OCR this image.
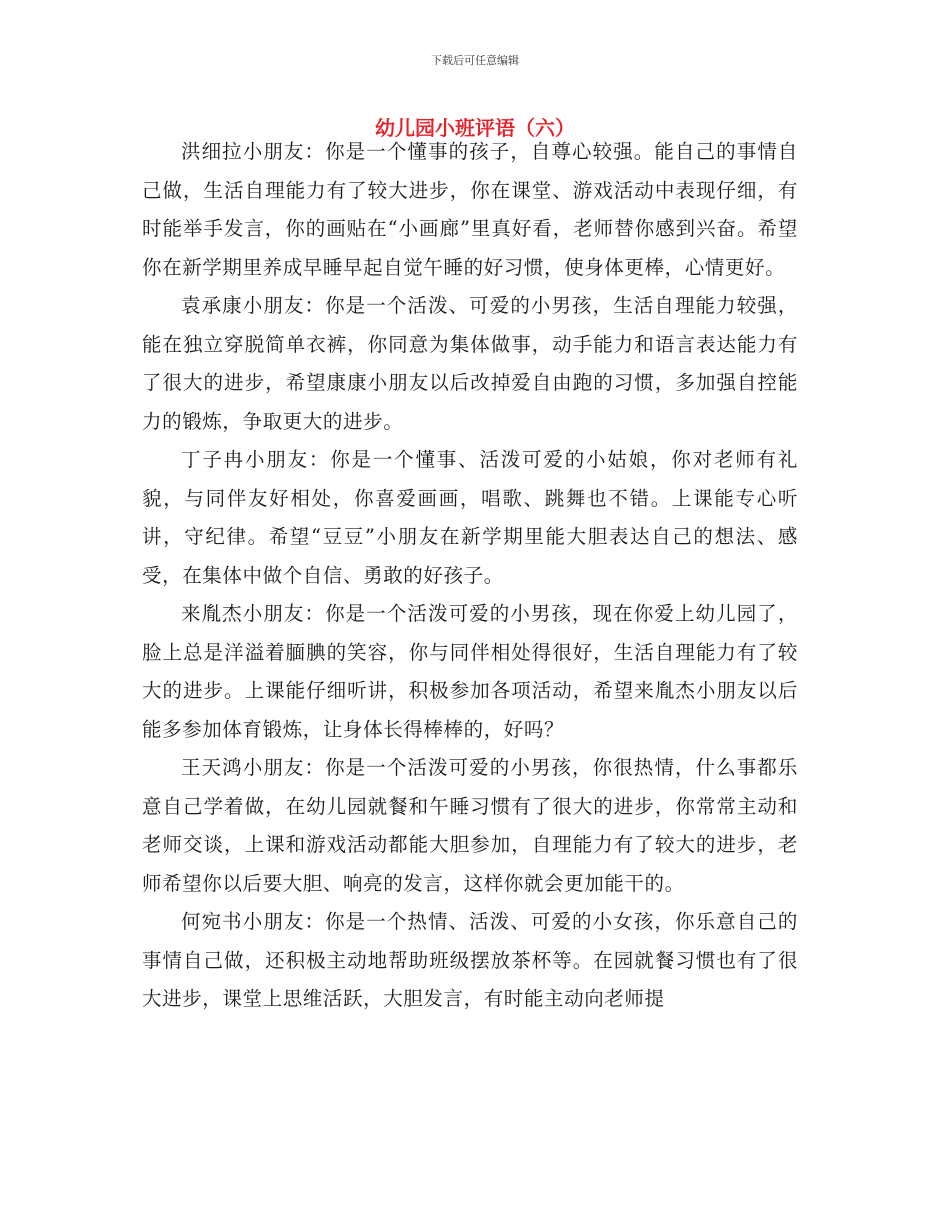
下载后可任意编辑
幼儿园小班评语（六）

洪细拉小朋友：你是一个懂事的孩子，自尊心较强。能自己的事情自己做，生活自理能力有了较大进步，你在课堂、游戏活动中表现仔细，有时能举手发言，你的画贴在“小画廊”里真好看，老师替你感到兴奋。希望你在新学期里养成早睡早起自觉午睡的好习惯，使身体更棒，心情更好。

袁承康小朋友：你是一个活泼、可爱的小男孩，生活自理能力较强，能在独立穿脱简单衣裤，你同意为集体做事，动手能力和语言表达能力有了很大的进步，希望康康小朋友以后改掉爱自由跑的习惯，多加强自控能力的锻炼，争取更大的进步。

丁子冉小朋友：你是一个懂事、活泼可爱的小姑娘，你对老师有礼貌，与同伴友好相处，你喜爱画画，唱歌、跳舞也不错。上课能专心听讲，守纪律。希望“豆豆”小朋友在新学期里能大胆表达自己的想法、感受，在集体中做个自信、勇敢的好孩子。

来胤杰小朋友：你是一个活泼可爱的小男孩，现在你爱上幼儿园了，脸上总是洋溢着腼腆的笑容，你与同伴相处得很好，生活自理能力有了较大的进步。上课能仔细听讲，积极参加各项活动，希望来胤杰小朋友以后能多参加体育锻炼，让身体长得棒棒的，好吗？

王天鸿小朋友：你是一个活泼可爱的小男孩，你很热情，什么事都乐意自己学着做，在幼儿园就餐和午睡习惯有了很大的进步，你常常主动和老师交谈，上课和游戏活动都能大胆参加，自理能力有了较大的进步，老师希望你以后要大胆、响亮的发言，这样你就会更加能干的。

何宛书小朋友：你是一个热情、活泼、可爱的小女孩，你乐意自己的事情自己做，还积极主动地帮助班级摆放茶杯等。在园就餐习惯也有了很大进步，课堂上思维活跃，大胆发言，有时能主动向老师提
